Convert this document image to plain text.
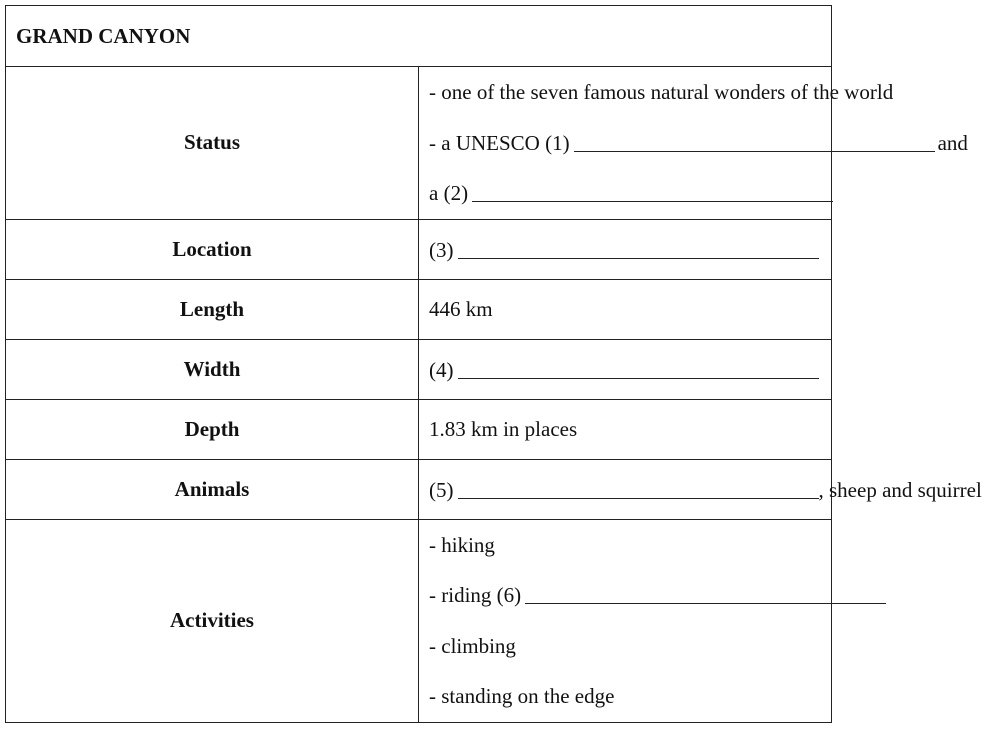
GRAND CANYON	
Status	- one of the seven famous natural wonders of the world
- a UNESCO (1) and
a (2)

Location	(3)
Length	446 km
Width	(4)
Depth	1.83 km in places
Animals	(5) , sheep and squirrel
Activities	- hiking
- riding (6)
- climbing
- standing on the edge
